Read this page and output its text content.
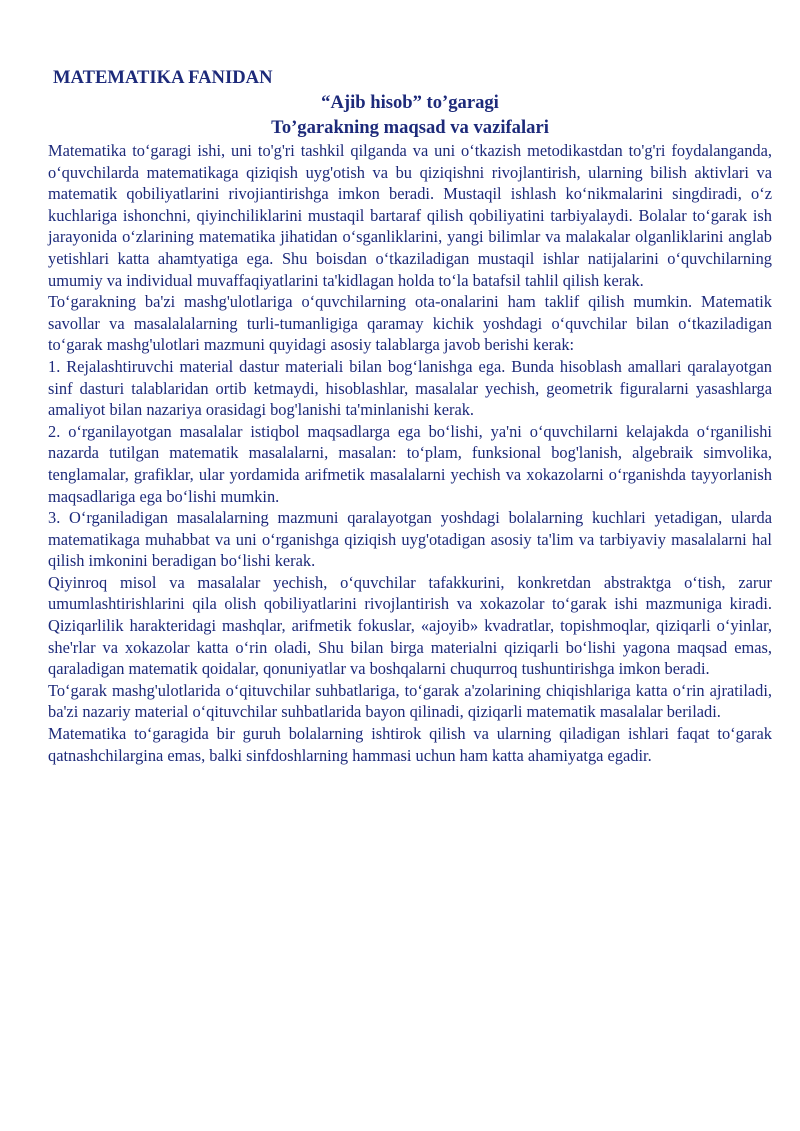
MATEMATIKA FANIDAN
“Ajib hisob” to’garagi
To’garakning maqsad va vazifalari

Matematika to‘garagi ishi, uni to'g'ri tashkil qilganda va uni o‘tkazish metodikastdan to'g'ri foydalanganda, o‘quvchilarda matematikaga qiziqish uyg'otish va bu qiziqishni rivojlantirish, ularning bilish aktivlari va matematik qobiliyatlarini rivojiantirishga imkon beradi. Mustaqil ishlash ko‘nikmalarini singdiradi, o‘z kuchlariga ishonchni, qiyinchiliklarini mustaqil bartaraf qilish qobiliyatini tarbiyalaydi. Bolalar to‘garak ish jarayonida o‘zlarining matematika jihatidan o‘sganliklarini, yangi bilimlar va malakalar olganliklarini anglab yetishlari katta ahamtyatiga ega. Shu boisdan o‘tkaziladigan mustaqil ishlar natijalarini o‘quvchilarning umumiy va individual muvaffaqiyatlarini ta'kidlagan holda to‘la batafsil tahlil qilish kerak.

To‘garakning ba'zi mashg'ulotlariga o‘quvchilarning ota-onalarini ham taklif qilish mumkin. Matematik savollar va masalalalarning turli-tumanligiga qaramay kichik yoshdagi o‘quvchilar bilan o‘tkaziladigan to‘garak mashg'ulotlari mazmuni quyidagi asosiy talablarga javob berishi kerak:

1. Rejalashtiruvchi material dastur materiali bilan bog‘lanishga ega. Bunda hisoblash amallari qaralayotgan sinf dasturi talablaridan ortib ketmaydi, hisoblashlar, masalalar yechish, geometrik figuralarni yasashlarga amaliyot bilan nazariya orasidagi bog'lanishi ta'minlanishi kerak.

2. o‘rganilayotgan masalalar istiqbol maqsadlarga ega bo‘lishi, ya'ni o‘quvchilarni kelajakda o‘rganilishi nazarda tutilgan matematik masalalarni, masalan: to‘plam, funksional bog'lanish, algebraik simvolika, tenglamalar, grafiklar, ular yordamida arifmetik masalalarni yechish va xokazolarni o‘rganishda tayyorlanish maqsadlariga ega bo‘lishi mumkin.

3. O‘rganiladigan masalalarning mazmuni qaralayotgan yoshdagi bolalarning kuchlari yetadigan, ularda matematikaga muhabbat va uni o‘rganishga qiziqish uyg'otadigan asosiy ta'lim va tarbiyaviy masalalarni hal qilish imkonini beradigan bo‘lishi kerak.

Qiyinroq misol va masalalar yechish, o‘quvchilar tafakkurini, konkretdan abstraktga o‘tish, zarur umumlashtirishlarini qila olish qobiliyatlarini rivojlantirish va xokazolar to‘garak ishi mazmuniga kiradi. Qiziqarlilik harakteridagi mashqlar, arifmetik fokuslar, «ajoyib» kvadratlar, topishmoqlar, qiziqarli o‘yinlar, she'rlar va xokazolar katta o‘rin oladi, Shu bilan birga materialni qiziqarli bo‘lishi yagona maqsad emas, qaraladigan matematik qoidalar, qonuniyatlar va boshqalarni chuqurroq tushuntirishga imkon beradi.

To‘garak mashg'ulotlarida o‘qituvchilar suhbatlariga, to‘garak a'zolarining chiqishlariga katta o‘rin ajratiladi, ba'zi nazariy material o‘qituvchilar suhbatlarida bayon qilinadi, qiziqarli matematik masalalar beriladi.

Matematika to‘garagida bir guruh bolalarning ishtirok qilish va ularning qiladigan ishlari faqat to‘garak qatnashchilargina emas, balki sinfdoshlarning hammasi uchun ham katta ahamiyatga egadir.
